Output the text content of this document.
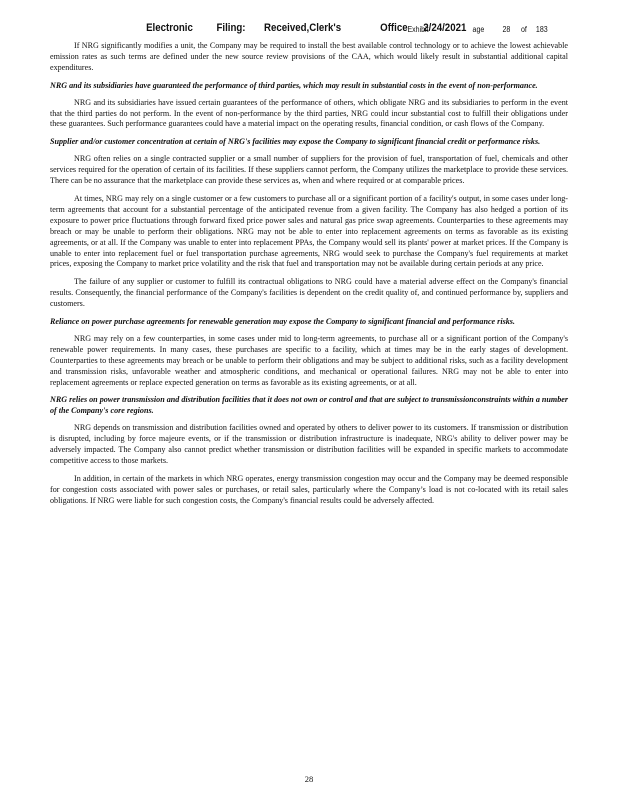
Electronic Filing: Received,Clerk's	Office Exhibit
2/24/2021 age 28 of 183

If NRG significantly modifies a unit, the Company may be required to install the best available control technology or to achieve the lowest achievable emission rates as such terms are defined under the new source review provisions of the CAA, which would likely result in substantial additional capital expenditures.

NRG and its subsidiaries have guaranteed the performance of third parties, which may result in substantial costs in the event of non-performance.

NRG and its subsidiaries have issued certain guarantees of the performance of others, which obligate NRG and its subsidiaries to perform in the event that the third parties do not perform. In the event of non-performance by the third parties, NRG could incur substantial cost to fulfill their obligations under these guarantees. Such performance guarantees could have a material impact on the operating results, financial condition, or cash flows of the Company.

Supplier and/or customer concentration at certain of NRG's facilities may expose the Company to significant financial credit or performance risks.

NRG often relies on a single contracted supplier or a small number of suppliers for the provision of fuel, transportation of fuel, chemicals and other services required for the operation of certain of its facilities. If these suppliers cannot perform, the Company utilizes the marketplace to provide these services. There can be no assurance that the marketplace can provide these services as, when and where required or at comparable prices.

At times, NRG may rely on a single customer or a few customers to purchase all or a significant portion of a facility's output, in some cases under long-term agreements that account for a substantial percentage of the anticipated revenue from a given facility. The Company has also hedged a portion of its exposure to power price fluctuations through forward fixed price power sales and natural gas price swap agreements. Counterparties to these agreements may breach or may be unable to perform their obligations. NRG may not be able to enter into replacement agreements on terms as favorable as its existing agreements, or at all. If the Company was unable to enter into replacement PPAs, the Company would sell its plants' power at market prices. If the Company is unable to enter into replacement fuel or fuel transportation purchase agreements, NRG would seek to purchase the Company's fuel requirements at market prices, exposing the Company to market price volatility and the risk that fuel and transportation may not be available during certain periods at any price.

The failure of any supplier or customer to fulfill its contractual obligations to NRG could have a material adverse effect on the Company's financial results. Consequently, the financial performance of the Company's facilities is dependent on the credit quality of, and continued performance by, suppliers and customers.

Reliance on power purchase agreements for renewable generation may expose the Company to significant financial and performance risks.

NRG may rely on a few counterparties, in some cases under mid to long-term agreements, to purchase all or a significant portion of the Company's renewable power requirements. In many cases, these purchases are specific to a facility, which at times may be in the early stages of development. Counterparties to these agreements may breach or be unable to perform their obligations and may be subject to additional risks, such as a facility development and transmission risks, unfavorable weather and atmospheric conditions, and mechanical or operational failures. NRG may not be able to enter into replacement agreements or replace expected generation on terms as favorable as its existing agreements, or at all.

NRG relies on power transmission and distribution facilities that it does not own or control and that are subject to transmissionconstraints within a number of the Company's core regions.

NRG depends on transmission and distribution facilities owned and operated by others to deliver power to its customers. If transmission or distribution is disrupted, including by force majeure events, or if the transmission or distribution infrastructure is inadequate, NRG's ability to deliver power may be adversely impacted. The Company also cannot predict whether transmission or distribution facilities will be expanded in specific markets to accommodate competitive access to those markets.

In addition, in certain of the markets in which NRG operates, energy transmission congestion may occur and the Company may be deemed responsible for congestion costs associated with power sales or purchases, or retail sales, particularly where the Company’s load is not co-located with its retail sales obligations. If NRG were liable for such congestion costs, the Company's financial results could be adversely affected.

28
